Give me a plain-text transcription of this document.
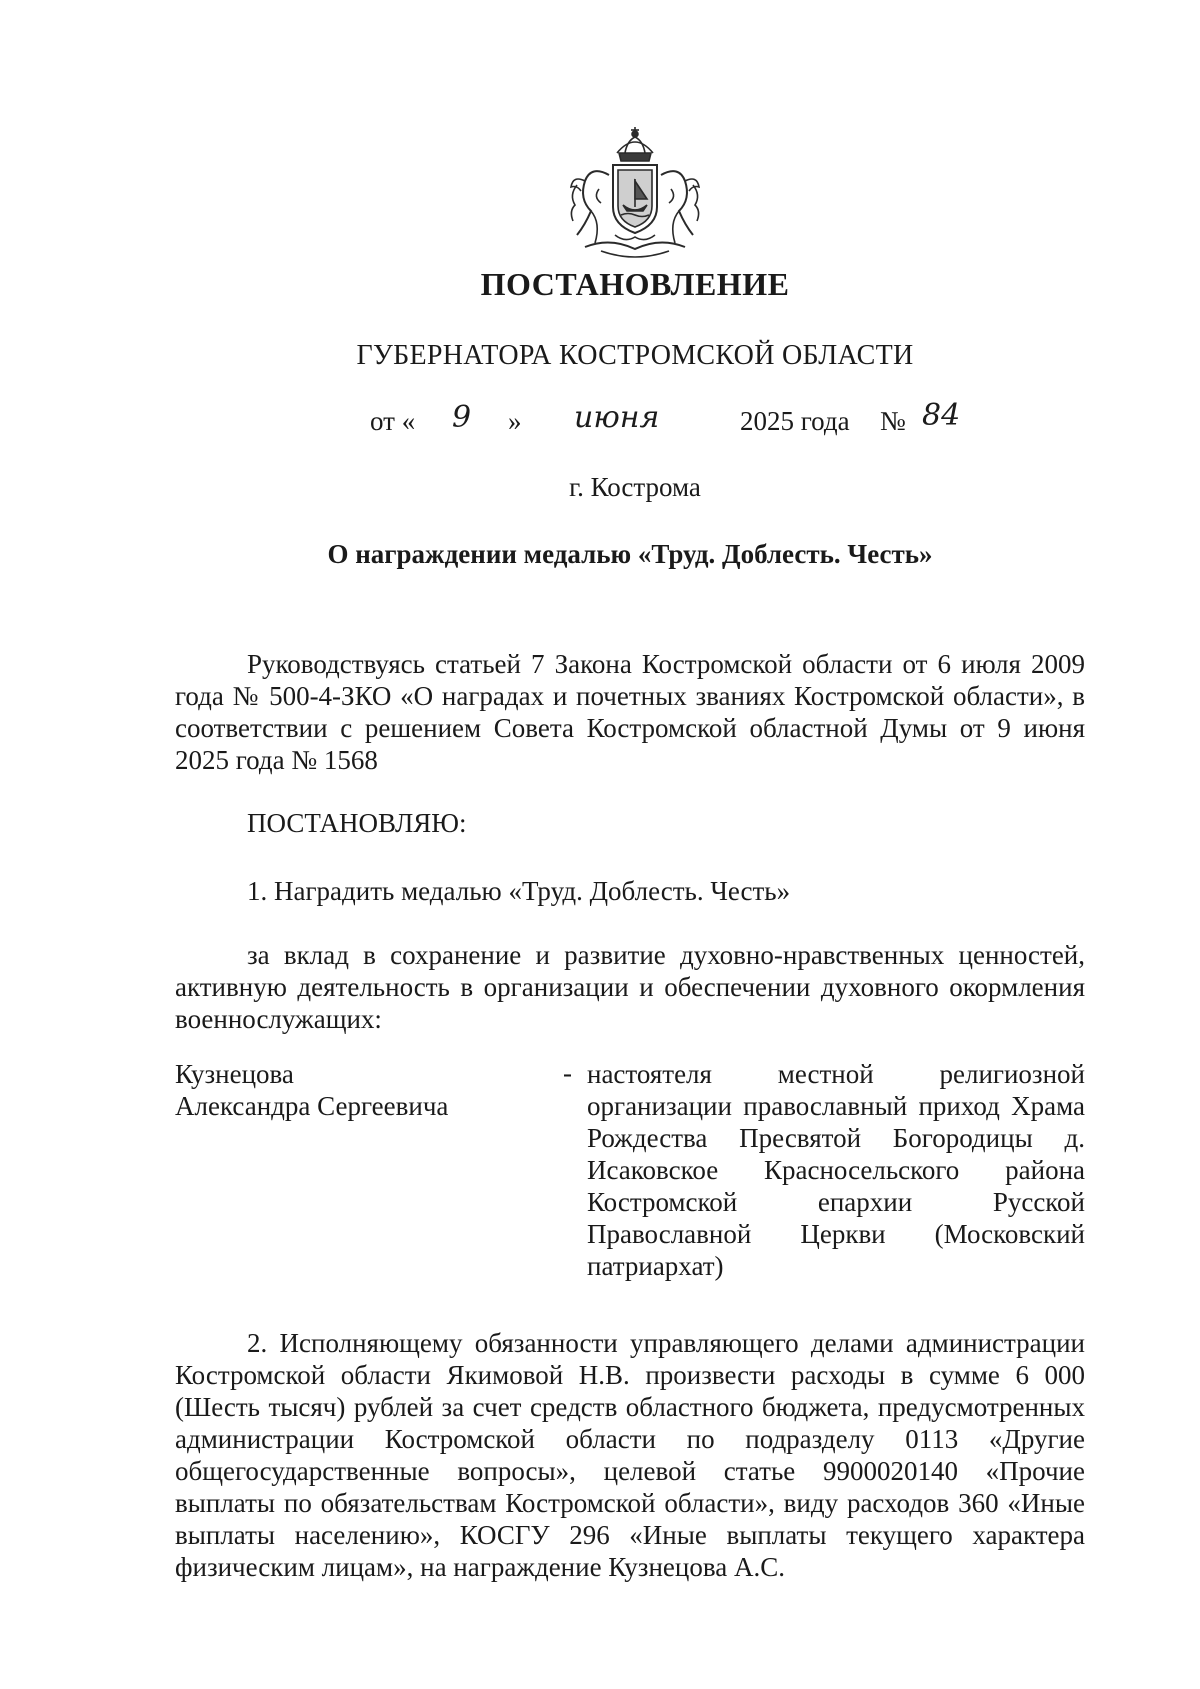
ПОСТАНОВЛЕНИЕ
ГУБЕРНАТОРА КОСТРОМСКОЙ ОБЛАСТИ
от « 9 » июня	2025 года № 84
г. Кострома
О награждении медалью «Труд. Доблесть. Честь»

Руководствуясь статьей 7 Закона Костромской области от 6 июля 2009 года № 500-4-ЗКО «О наградах и почетных званиях Костромской области», в соответствии с решением Совета Костромской областной Думы от 9 июня 2025 года № 1568

ПОСТАНОВЛЯЮ:
1. Наградить медалью «Труд. Доблесть. Честь»

за вклад в сохранение и развитие духовно-нравственных ценностей, активную деятельность в организации и обеспечении духовного окормления военнослужащих:

Кузнецова
Александра Сергеевича
- настоятеля местной религиозной организации православный приход Храма Рождества Пресвятой Богородицы д. Исаковское Красносельского района Костромской епархии Русской Православной Церкви (Московский патриархат)

2. Исполняющему обязанности управляющего делами администрации Костромской области Якимовой Н.В. произвести расходы в сумме 6 000 (Шесть тысяч) рублей за счет средств областного бюджета, предусмотренных администрации Костромской области по подразделу 0113 «Другие общегосударственные вопросы», целевой статье 9900020140 «Прочие выплаты по обязательствам Костромской области», виду расходов 360 «Иные выплаты населению», КОСГУ 296 «Иные выплаты текущего характера физическим лицам», на награждение Кузнецова А.С.
